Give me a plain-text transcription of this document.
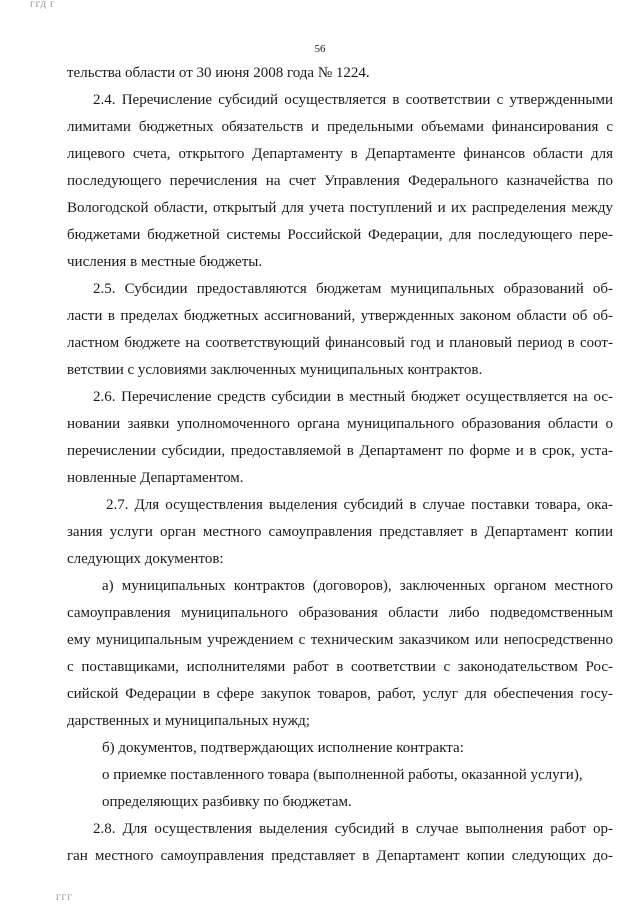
ГГД Г
56
тельства области от 30 июня 2008 года № 1224.
2.4. Перечисление субсидий осуществляется в соответствии с утвержденными
лимитами бюджетных обязательств и предельными объемами финансирования с
лицевого счета, открытого Департаменту в Департаменте финансов области для
последующего перечисления на счет Управления Федерального казначейства по
Вологодской области, открытый для учета поступлений и их распределения между
бюджетами бюджетной системы Российской Федерации, для последующего пере-
числения в местные бюджеты.
2.5. Субсидии предоставляются бюджетам муниципальных образований об-
ласти в пределах бюджетных ассигнований, утвержденных законом области об об-
ластном бюджете на соответствующий финансовый год и плановый период в соот-
ветствии с условиями заключенных муниципальных контрактов.
2.6. Перечисление средств субсидии в местный бюджет осуществляется на ос-
новании заявки уполномоченного органа муниципального образования области о
перечислении субсидии, предоставляемой в Департамент по форме и в срок, уста-
новленные Департаментом.
2.7. Для осуществления выделения субсидий в случае поставки товара, ока-
зания услуги орган местного самоуправления представляет в Департамент копии
следующих документов:
а) муниципальных контрактов (договоров), заключенных органом местного
самоуправления муниципального образования области либо подведомственным
ему муниципальным учреждением с техническим заказчиком или непосредственно
с поставщиками, исполнителями работ в соответствии с законодательством Рос-
сийской Федерации в сфере закупок товаров, работ, услуг для обеспечения госу-
дарственных и муниципальных нужд;
б) документов, подтверждающих исполнение контракта:
о приемке поставленного товара (выполненной работы, оказанной услуги),
определяющих разбивку по бюджетам.
2.8. Для осуществления выделения субсидий в случае выполнения работ ор-
ган местного самоуправления представляет в Департамент копии следующих до-
ГГГ
